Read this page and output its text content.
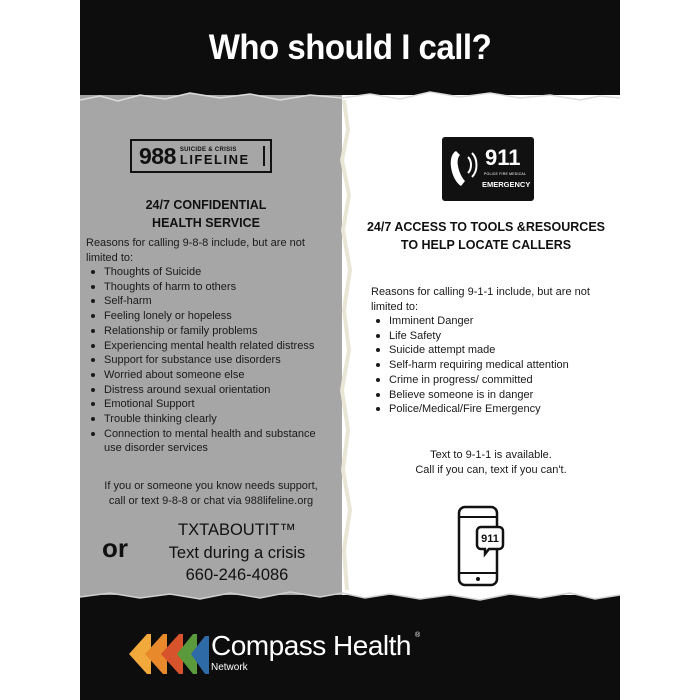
Who should I call?
988 SUICIDE & CRISIS
LIFELINE
24/7 CONFIDENTIAL
HEALTH SERVICE
Reasons for calling 9-8-8 include, but are not limited to:
Thoughts of Suicide
Thoughts of harm to others
Self-harm
Feeling lonely or hopeless
Relationship or family problems
Experiencing mental health related distress
Support for substance use disorders
Worried about someone else
Distress around sexual orientation
Emotional Support
Trouble thinking clearly
Connection to mental health and substance use disorder services
If you or someone you know needs support,
call or text 9-8-8 or chat via 988lifeline.org
or
TXTABOUTIT™
Text during a crisis
660-246-4086
911
POLICE FIRE MEDICAL
EMERGENCY
24/7 ACCESS TO TOOLS &RESOURCES
TO HELP LOCATE CALLERS
Reasons for calling 9-1-1 include, but are not limited to:
Imminent Danger
Life Safety
Suicide attempt made
Self-harm requiring medical attention
Crime in progress/ committed
Believe someone is in danger
Police/Medical/Fire Emergency
Text to 9-1-1 is available.
Call if you can, text if you can't.
911
Compass Health ®
Network
